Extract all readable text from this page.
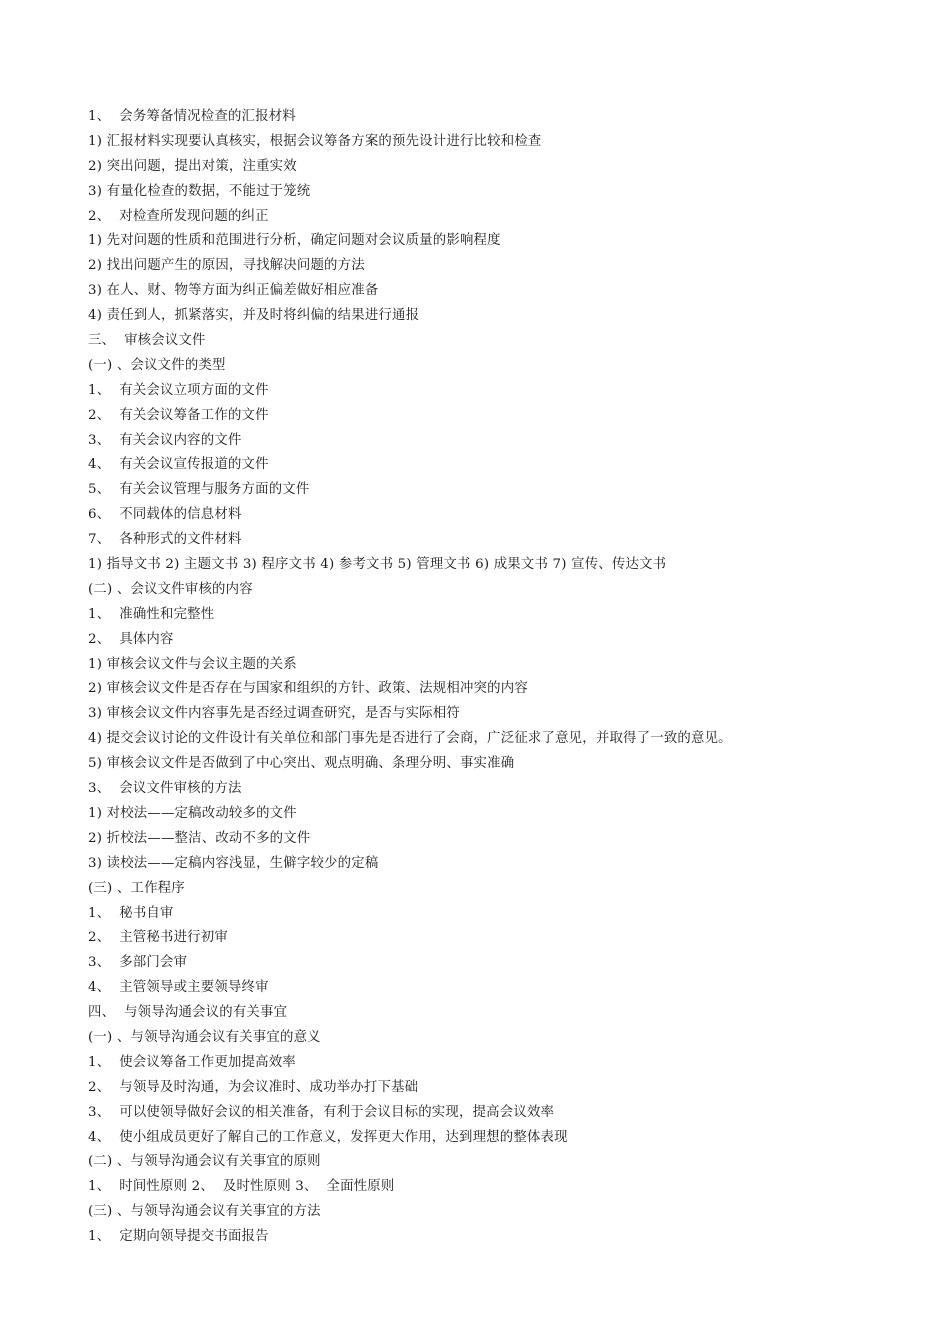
1、  会务筹备情况检查的汇报材料
1) 汇报材料实现要认真核实，根据会议筹备方案的预先设计进行比较和检查
2) 突出问题，提出对策，注重实效
3) 有量化检查的数据，不能过于笼统
2、  对检查所发现问题的纠正
1) 先对问题的性质和范围进行分析，确定问题对会议质量的影响程度
2) 找出问题产生的原因，寻找解决问题的方法
3) 在人、财、物等方面为纠正偏差做好相应准备
4) 责任到人，抓紧落实，并及时将纠偏的结果进行通报
三、  审核会议文件
(一) 、会议文件的类型
1、  有关会议立项方面的文件
2、  有关会议筹备工作的文件
3、  有关会议内容的文件
4、  有关会议宣传报道的文件
5、  有关会议管理与服务方面的文件
6、  不同载体的信息材料
7、  各种形式的文件材料
1) 指导文书 2) 主题文书 3) 程序文书 4) 参考文书 5) 管理文书 6) 成果文书 7) 宣传、传达文书
(二) 、会议文件审核的内容
1、  准确性和完整性
2、  具体内容
1) 审核会议文件与会议主题的关系
2) 审核会议文件是否存在与国家和组织的方针、政策、法规相冲突的内容
3) 审核会议文件内容事先是否经过调查研究，是否与实际相符
4) 提交会议讨论的文件设计有关单位和部门事先是否进行了会商，广泛征求了意见，并取得了一致的意见。
5) 审核会议文件是否做到了中心突出、观点明确、条理分明、事实准确
3、  会议文件审核的方法
1) 对校法——定稿改动较多的文件
2) 折校法——整洁、改动不多的文件
3) 读校法——定稿内容浅显，生僻字较少的定稿
(三) 、工作程序
1、  秘书自审
2、  主管秘书进行初审
3、  多部门会审
4、  主管领导或主要领导终审
四、  与领导沟通会议的有关事宜
(一) 、与领导沟通会议有关事宜的意义
1、  使会议筹备工作更加提高效率
2、  与领导及时沟通，为会议准时、成功举办打下基础
3、  可以使领导做好会议的相关准备，有利于会议目标的实现，提高会议效率
4、  使小组成员更好了解自己的工作意义，发挥更大作用，达到理想的整体表现
(二) 、与领导沟通会议有关事宜的原则
1、  时间性原则 2、  及时性原则 3、  全面性原则
(三) 、与领导沟通会议有关事宜的方法
1、  定期向领导提交书面报告
